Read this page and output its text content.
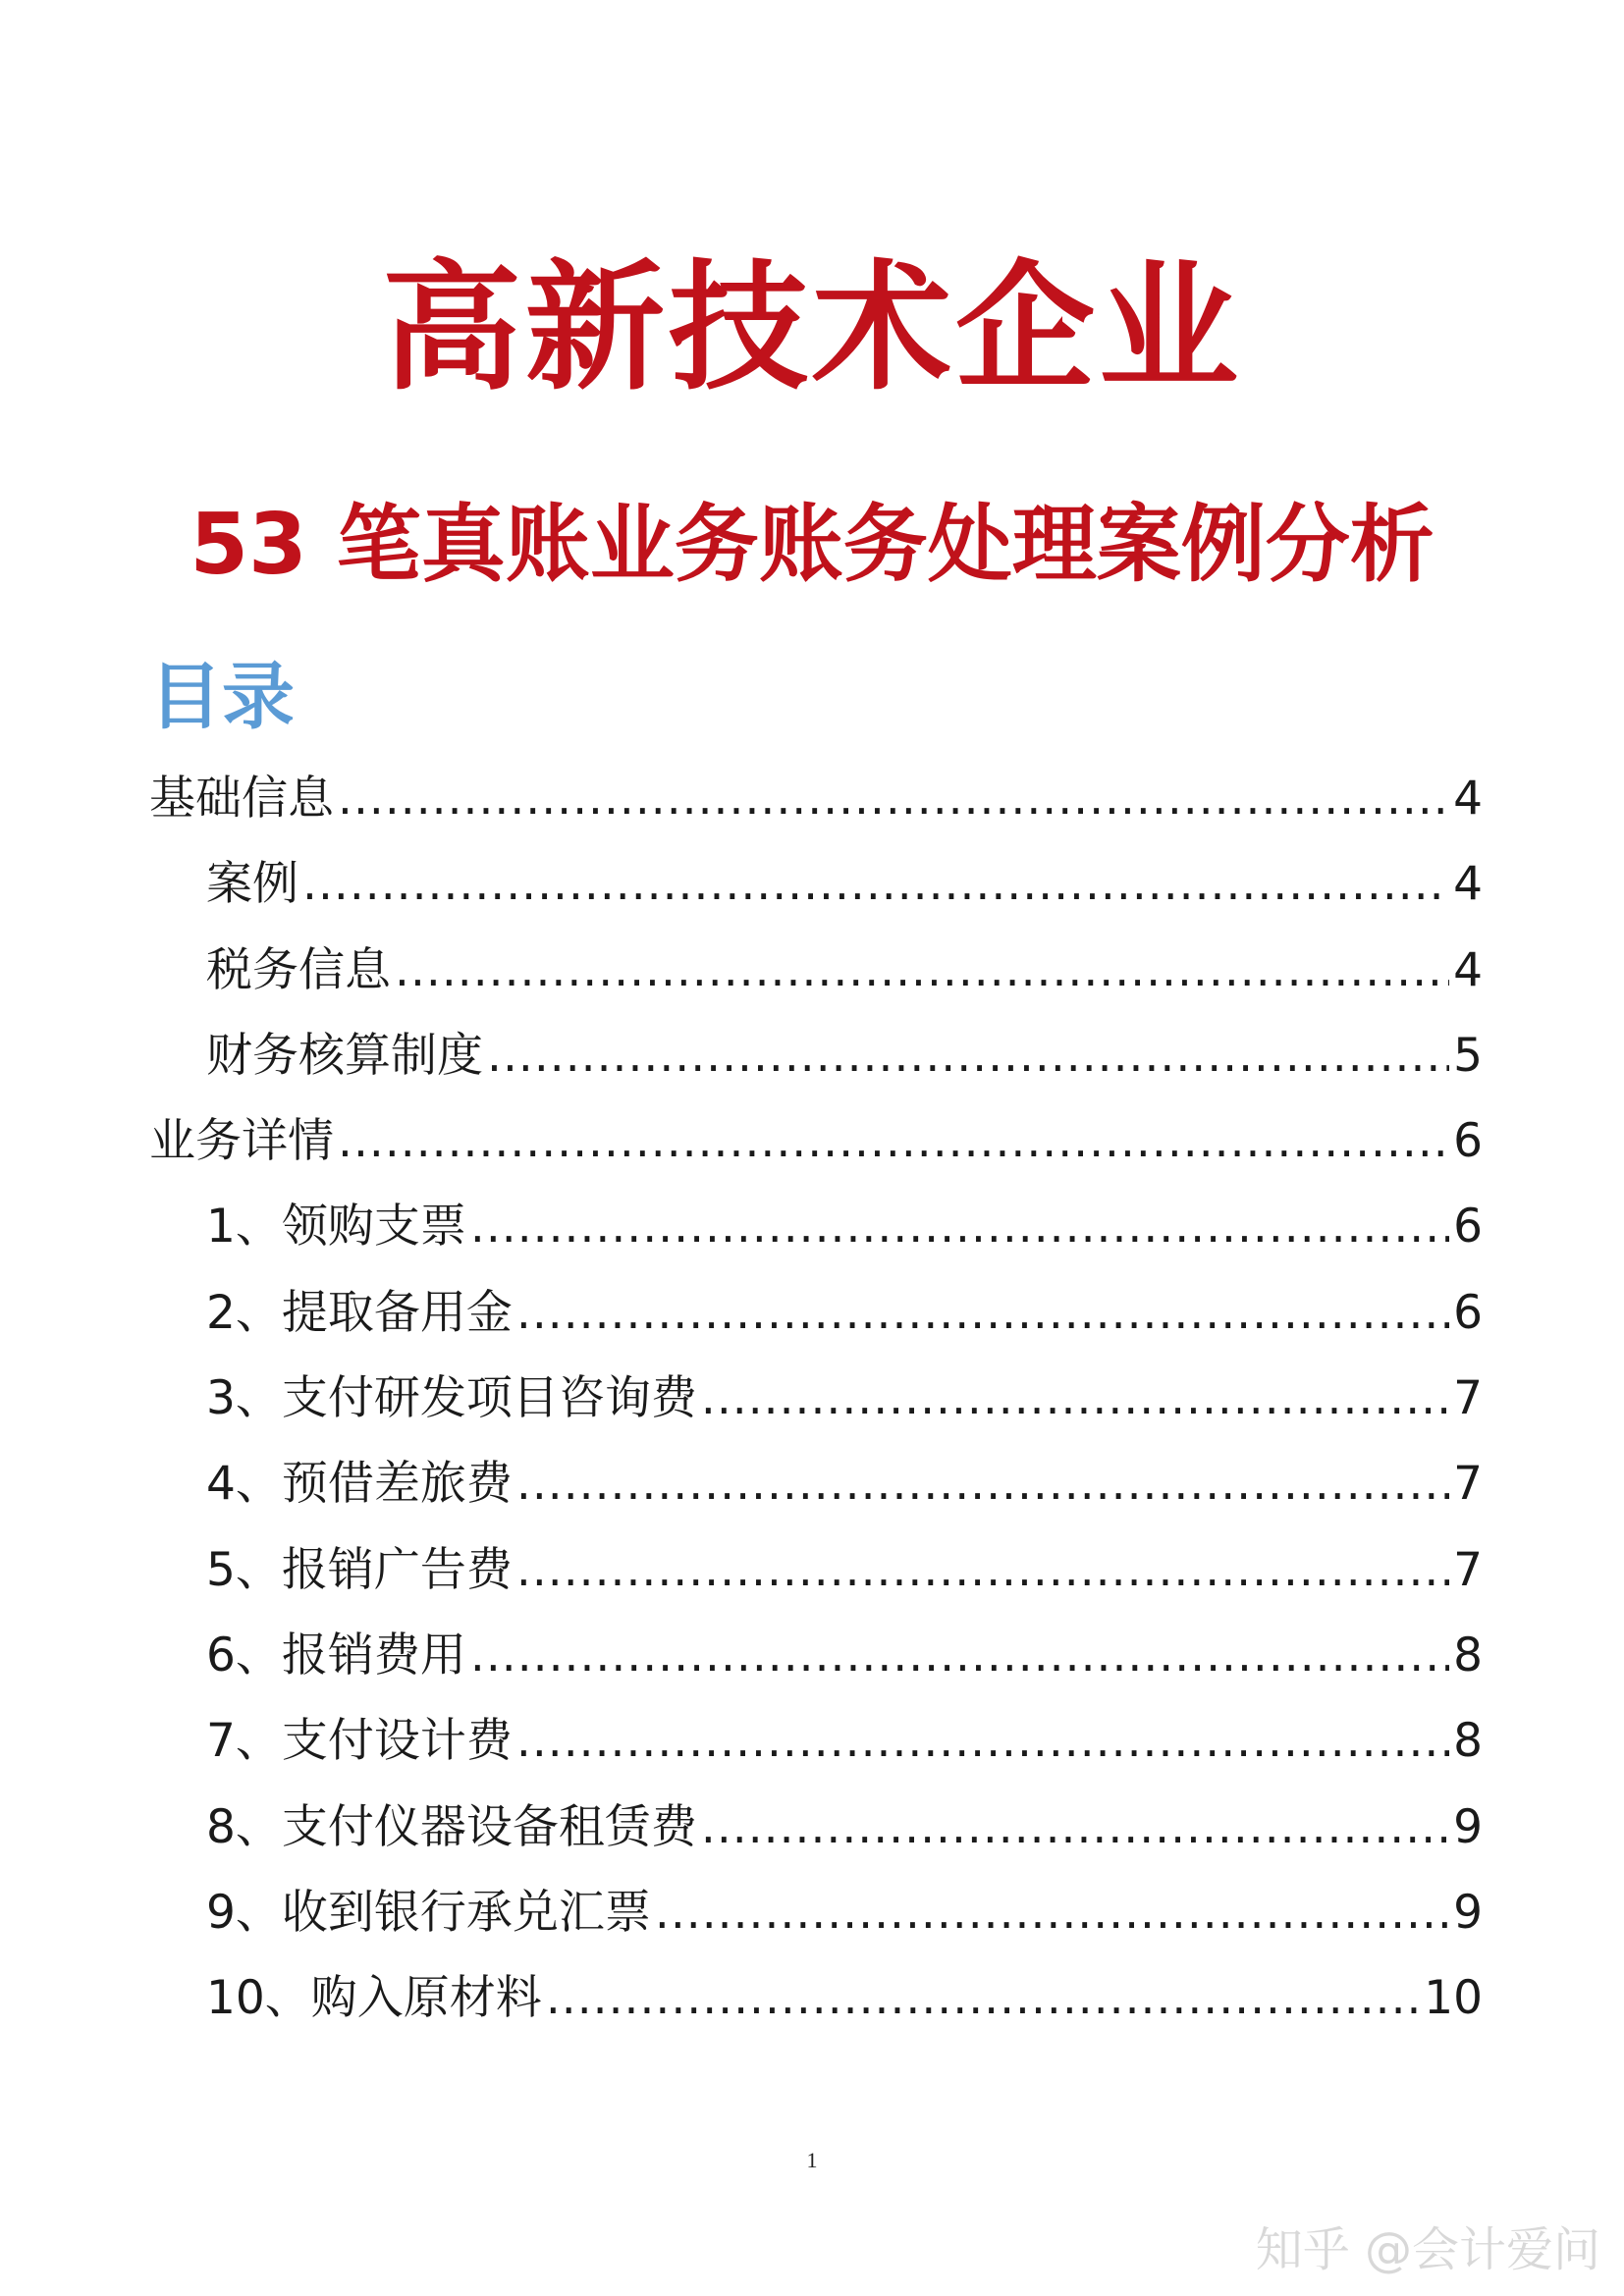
高新技术企业
53 笔真账业务账务处理案例分析
目录
基础信息 .....	4
案例 .....	4
税务信息 .....	4
财务核算制度 .....	5
业务详情 .....	6
1、领购支票 .....	6
2、提取备用金 .....	6
3、支付研发项目咨询费 .....	7
4、预借差旅费 .....	7
5、报销广告费 .....	7
6、报销费用 .....	8
7、支付设计费 .....	8
8、支付仪器设备租赁费 .....	9
9、收到银行承兑汇票 .....	9
10、购入原材料 .....	10
1
知乎 @会计爱问
